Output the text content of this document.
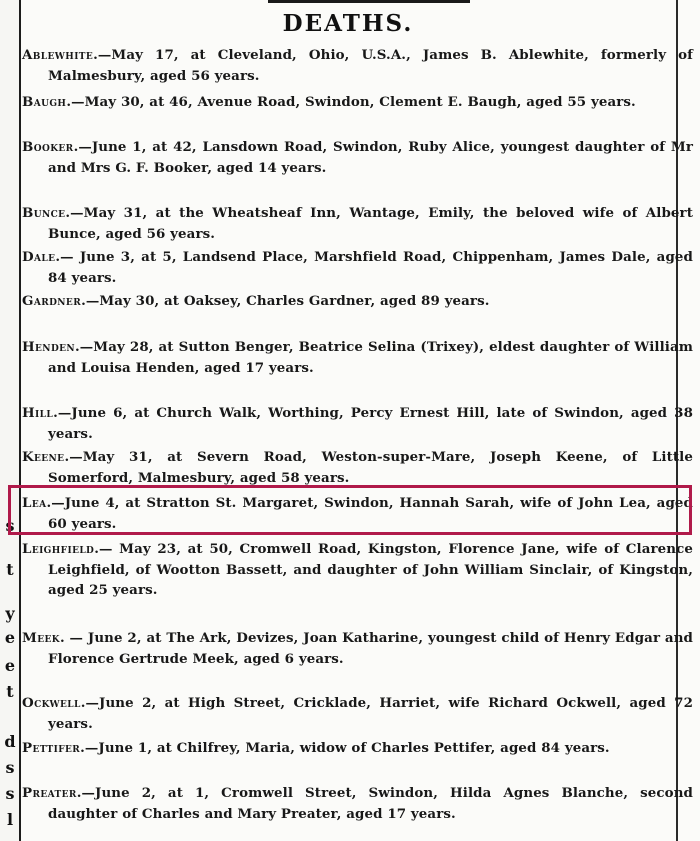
s
t
y
e
e
t
d
s
s
l
DEATHS.
Ablewhite.—May 17, at Cleveland, Ohio, U.S.A., James B. Ablewhite, formerly of Malmesbury, aged 56 years.
Baugh.—May 30, at 46, Avenue Road, Swindon, Clement E. Baugh, aged 55 years.
Booker.—June 1, at 42, Lansdown Road, Swindon, Ruby Alice, youngest daughter of Mr and Mrs G. F. Booker, aged 14 years.
Bunce.—May 31, at the Wheatsheaf Inn, Wantage, Emily, the beloved wife of Albert Bunce, aged 56 years.
Dale.— June 3, at 5, Landsend Place, Marshfield Road, Chippenham, James Dale, aged 84 years.
Gardner.—May 30, at Oaksey, Charles Gardner, aged 89 years.
Henden.—May 28, at Sutton Benger, Beatrice Selina (Trixey), eldest daughter of William and Louisa Henden, aged 17 years.
Hill.—June 6, at Church Walk, Worthing, Percy Ernest Hill, late of Swindon, aged 38 years.
Keene.—May 31, at Severn Road, Weston-super-Mare, Joseph Keene, of Little Somerford, Malmesbury, aged 58 years.
Lea.—June 4, at Stratton St. Margaret, Swindon, Hannah Sarah, wife of John Lea, aged 60 years.
Leighfield.— May 23, at 50, Cromwell Road, Kingston, Florence Jane, wife of Clarence Leighfield, of Wootton Bassett, and daughter of John William Sinclair, of Kingston, aged 25 years.
Meek. — June 2, at The Ark, Devizes, Joan Katharine, youngest child of Henry Edgar and Florence Gertrude Meek, aged 6 years.
Ockwell.—June 2, at High Street, Cricklade, Harriet, wife Richard Ockwell, aged 72 years.
Pettifer.—June 1, at Chilfrey, Maria, widow of Charles Pettifer, aged 84 years.
Preater.—June 2, at 1, Cromwell Street, Swindon, Hilda Agnes Blanche, second daughter of Charles and Mary Preater, aged 17 years.
